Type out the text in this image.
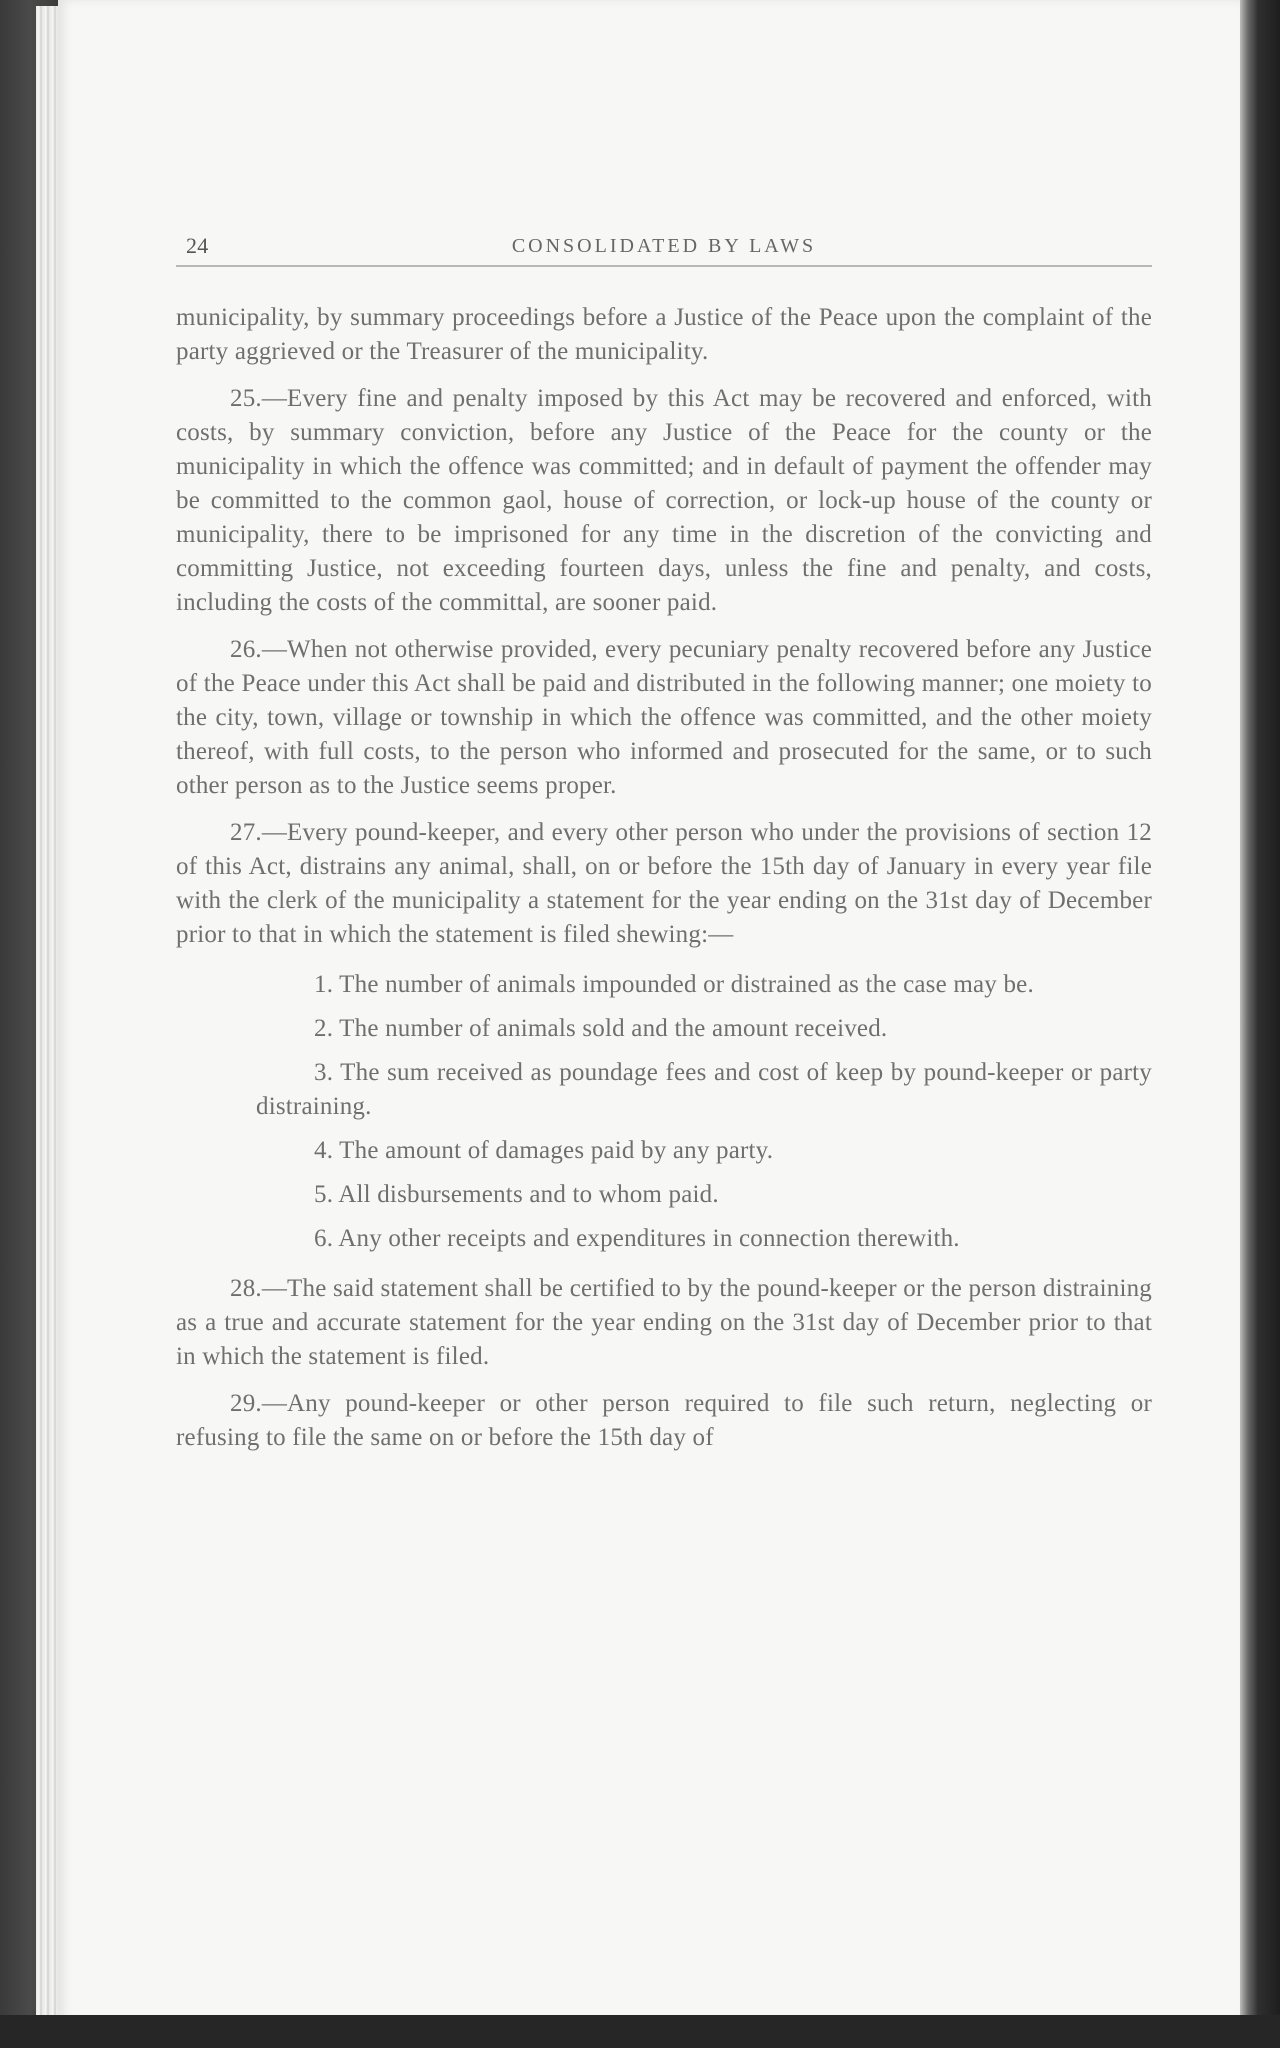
24	CONSOLIDATED BY LAWS

municipality, by summary proceedings before a Justice of the Peace upon the complaint of the party aggrieved or the Treasurer of the municipality.

25.—Every fine and penalty imposed by this Act may be recovered and enforced, with costs, by summary conviction, before any Justice of the Peace for the county or the municipality in which the offence was committed; and in default of payment the offender may be committed to the common gaol, house of correction, or lock-up house of the county or municipality, there to be imprisoned for any time in the discretion of the convicting and committing Justice, not exceeding fourteen days, unless the fine and penalty, and costs, including the costs of the committal, are sooner paid.

26.—When not otherwise provided, every pecuniary penalty recovered before any Justice of the Peace under this Act shall be paid and distributed in the following manner; one moiety to the city, town, village or township in which the offence was committed, and the other moiety thereof, with full costs, to the person who informed and prosecuted for the same, or to such other person as to the Justice seems proper.

27.—Every pound-keeper, and every other person who under the provisions of section 12 of this Act, distrains any animal, shall, on or before the 15th day of January in every year file with the clerk of the municipality a statement for the year ending on the 31st day of December prior to that in which the statement is filed shewing:—

1. The number of animals impounded or distrained as the case may be.
2. The number of animals sold and the amount received.
3. The sum received as poundage fees and cost of keep by pound-keeper or party distraining.
4. The amount of damages paid by any party.
5. All disbursements and to whom paid.
6. Any other receipts and expenditures in connection therewith.

28.—The said statement shall be certified to by the pound-keeper or the person distraining as a true and accurate statement for the year ending on the 31st day of December prior to that in which the statement is filed.

29.—Any pound-keeper or other person required to file such return, neglecting or refusing to file the same on or before the 15th day of
